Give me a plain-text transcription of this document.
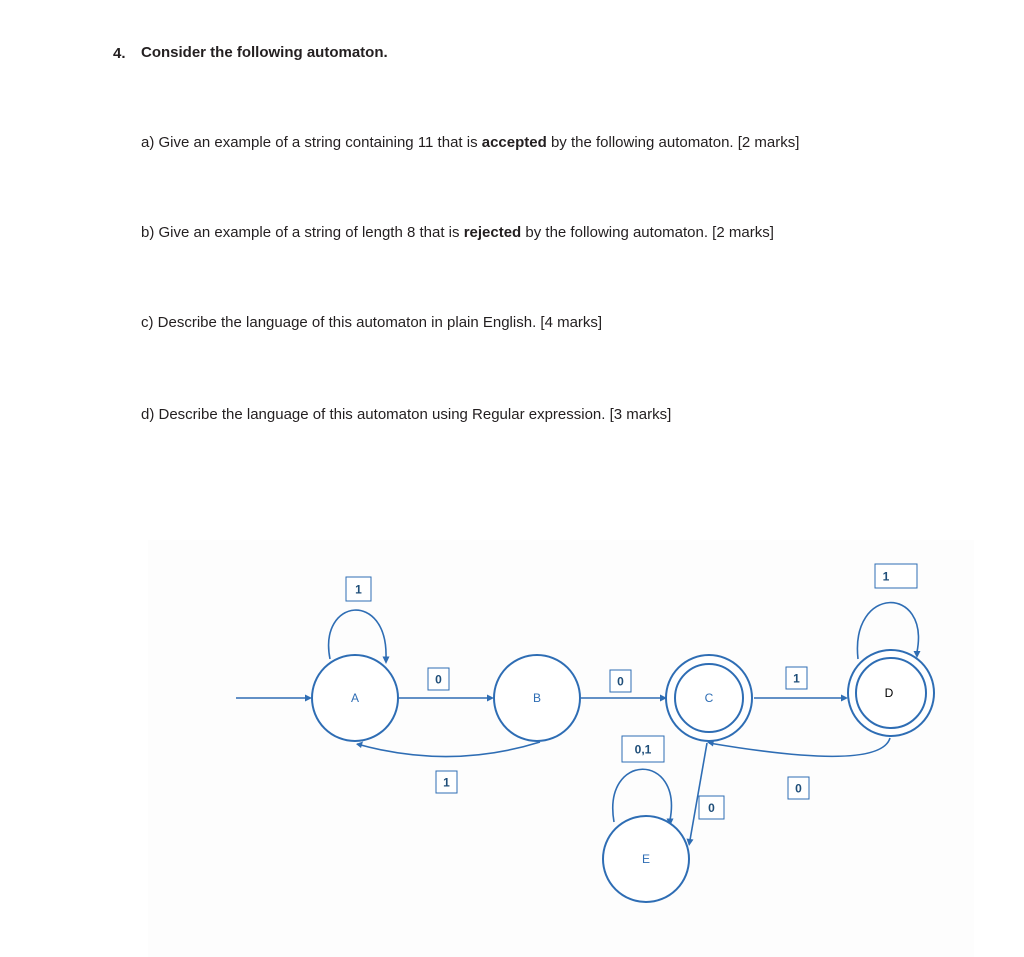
4. Consider the following automaton.
a) Give an example of a string containing 11 that is accepted by the following automaton. [2 marks]
b) Give an example of a string of length 8 that is rejected by the following automaton. [2 marks]
c) Describe the language of this automaton in plain English. [4 marks]
d) Describe the language of this automaton using Regular expression. [3 marks]
A	B	C	D
E
1
0
1
0	1
1
0
0
0,1
